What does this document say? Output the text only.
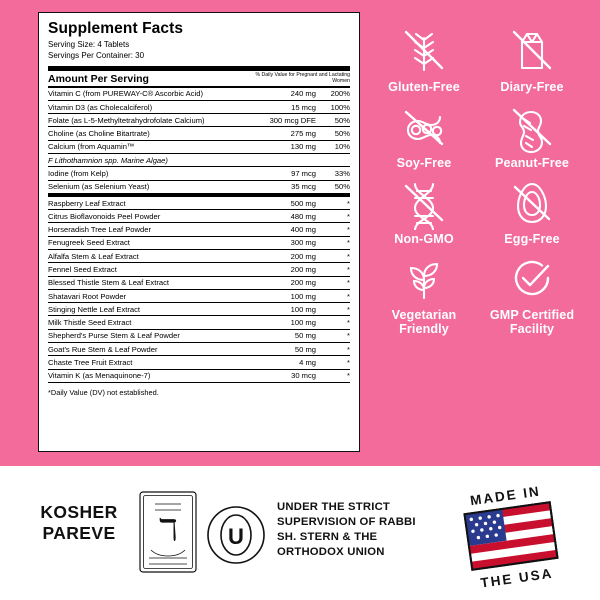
Supplement Facts
Serving Size: 4 Tablets
Servings Per Container: 30
Amount Per Serving	% Daily Value for Pregnant and Lactating Women
Vitamin C (from PUREWAY-C® Ascorbic Acid)	240 mg	200%
Vitamin D3 (as Cholecalciferol)	15 mcg	100%
Folate (as L-5-Methyltetrahydrofolate Calcium)	300 mcg DFE	50%
Choline (as Choline Bitartrate)	275 mg	50%
Calcium (from Aquamin™	130 mg	10%
F Lithothamnion spp. Marine Algae)		
Iodine (from Kelp)	97 mcg	33%
Selenium (as Selenium Yeast)	35 mcg	50%
Raspberry Leaf Extract	500 mg	*
Citrus Bioflavonoids Peel Powder	480 mg	*
Horseradish Tree Leaf Powder	400 mg	*
Fenugreek Seed Extract	300 mg	*
Alfalfa Stem & Leaf Extract	200 mg	*
Fennel Seed Extract	200 mg	*
Blessed Thistle Stem & Leaf Extract	200 mg	*
Shatavari Root Powder	100 mg	*
Stinging Nettle Leaf Extract	100 mg	*
Milk Thistle Seed Extract	100 mg	*
Shepherd's Purse Stem & Leaf Powder	50 mg	*
Goat's Rue Stem & Leaf Powder	50 mg	*
Chaste Tree Fruit Extract	4 mg	*
Vitamin K (as Menaquinone-7)	30 mcg	*
*Daily Value (DV) not established.
Gluten-Free	Diary-Free
Soy-Free	Peanut-Free
Non-GMO	Egg-Free
Vegetarian Friendly
GMP Certified Facility
KOSHER PAREVE	ℸ U
UNDER THE STRICT SUPERVISION OF RABBI SH. STERN & THE ORTHODOX UNION
MADE IN
THE USA
